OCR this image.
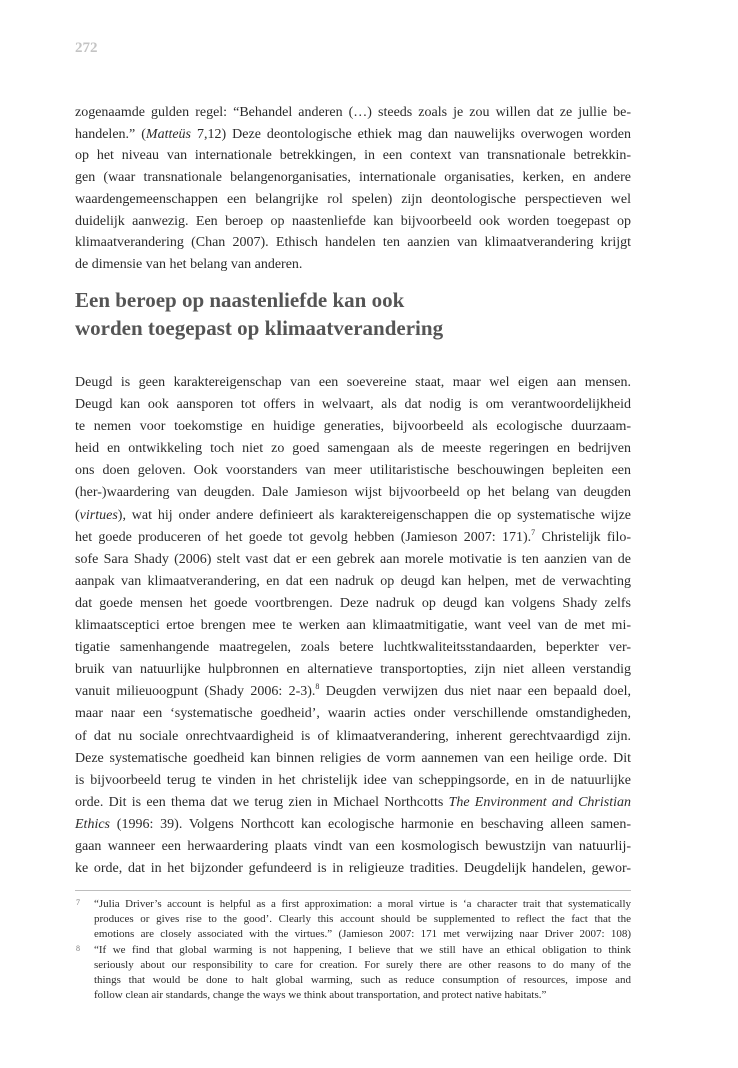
272
zogenaamde gulden regel: “Behandel anderen (…) steeds zoals je zou willen dat ze jullie be-
handelen.” (Matteüs 7,12) Deze deontologische ethiek mag dan nauwelijks overwogen worden
op het niveau van internationale betrekkingen, in een context van transnationale betrekkin-
gen (waar transnationale belangenorganisaties, internationale organisaties, kerken, en andere
waardengemeenschappen een belangrijke rol spelen) zijn deontologische perspectieven wel
duidelijk aanwezig. Een beroep op naastenliefde kan bijvoorbeeld ook worden toegepast op
klimaatverandering (Chan 2007). Ethisch handelen ten aanzien van klimaatverandering krijgt
de dimensie van het belang van anderen.
Een beroep op naastenliefde kan ook
worden toegepast op klimaatverandering
Deugd is geen karaktereigenschap van een soevereine staat, maar wel eigen aan mensen.
Deugd kan ook aansporen tot offers in welvaart, als dat nodig is om verantwoordelijkheid
te nemen voor toekomstige en huidige generaties, bijvoorbeeld als ecologische duurzaam-
heid en ontwikkeling toch niet zo goed samengaan als de meeste regeringen en bedrijven
ons doen geloven. Ook voorstanders van meer utilitaristische beschouwingen bepleiten een
(her-)waardering van deugden. Dale Jamieson wijst bijvoorbeeld op het belang van deugden
(virtues), wat hij onder andere definieert als karaktereigenschappen die op systematische wijze
het goede produceren of het goede tot gevolg hebben (Jamieson 2007: 171).$^7$ Christelijk filo-
sofe Sara Shady (2006) stelt vast dat er een gebrek aan morele motivatie is ten aanzien van de
aanpak van klimaatverandering, en dat een nadruk op deugd kan helpen, met de verwachting
dat goede mensen het goede voortbrengen. Deze nadruk op deugd kan volgens Shady zelfs
klimaatsceptici ertoe brengen mee te werken aan klimaatmitigatie, want veel van de met mi-
tigatie samenhangende maatregelen, zoals betere luchtkwaliteitsstandaarden, beperkter ver-
bruik van natuurlijke hulpbronnen en alternatieve transportopties, zijn niet alleen verstandig
vanuit milieuoogpunt (Shady 2006: 2-3).$^8$ Deugden verwijzen dus niet naar een bepaald doel,
maar naar een ‘systematische goedheid’, waarin acties onder verschillende omstandigheden,
of dat nu sociale onrechtvaardigheid is of klimaatverandering, inherent gerechtvaardigd zijn.
Deze systematische goedheid kan binnen religies de vorm aannemen van een heilige orde. Dit
is bijvoorbeeld terug te vinden in het christelijk idee van scheppingsorde, en in de natuurlijke
orde. Dit is een thema dat we terug zien in Michael Northcotts The Environment and Christian
Ethics (1996: 39). Volgens Northcott kan ecologische harmonie en beschaving alleen samen-
gaan wanneer een herwaardering plaats vindt van een kosmologisch bewustzijn van natuurlij-
ke orde, dat in het bijzonder gefundeerd is in religieuze tradities. Deugdelijk handelen, gewor-
7 “Julia Driver’s account is helpful as a first approximation: a moral virtue is ‘a character trait that systematically
produces or gives rise to the good’. Clearly this account should be supplemented to reflect the fact that the
emotions are closely associated with the virtues.” (Jamieson 2007: 171 met verwijzing naar Driver 2007: 108)
8 “If we find that global warming is not happening, I believe that we still have an ethical obligation to think
seriously about our responsibility to care for creation. For surely there are other reasons to do many of the
things that would be done to halt global warming, such as reduce consumption of resources, impose and
follow clean air standards, change the ways we think about transportation, and protect native habitats.”
